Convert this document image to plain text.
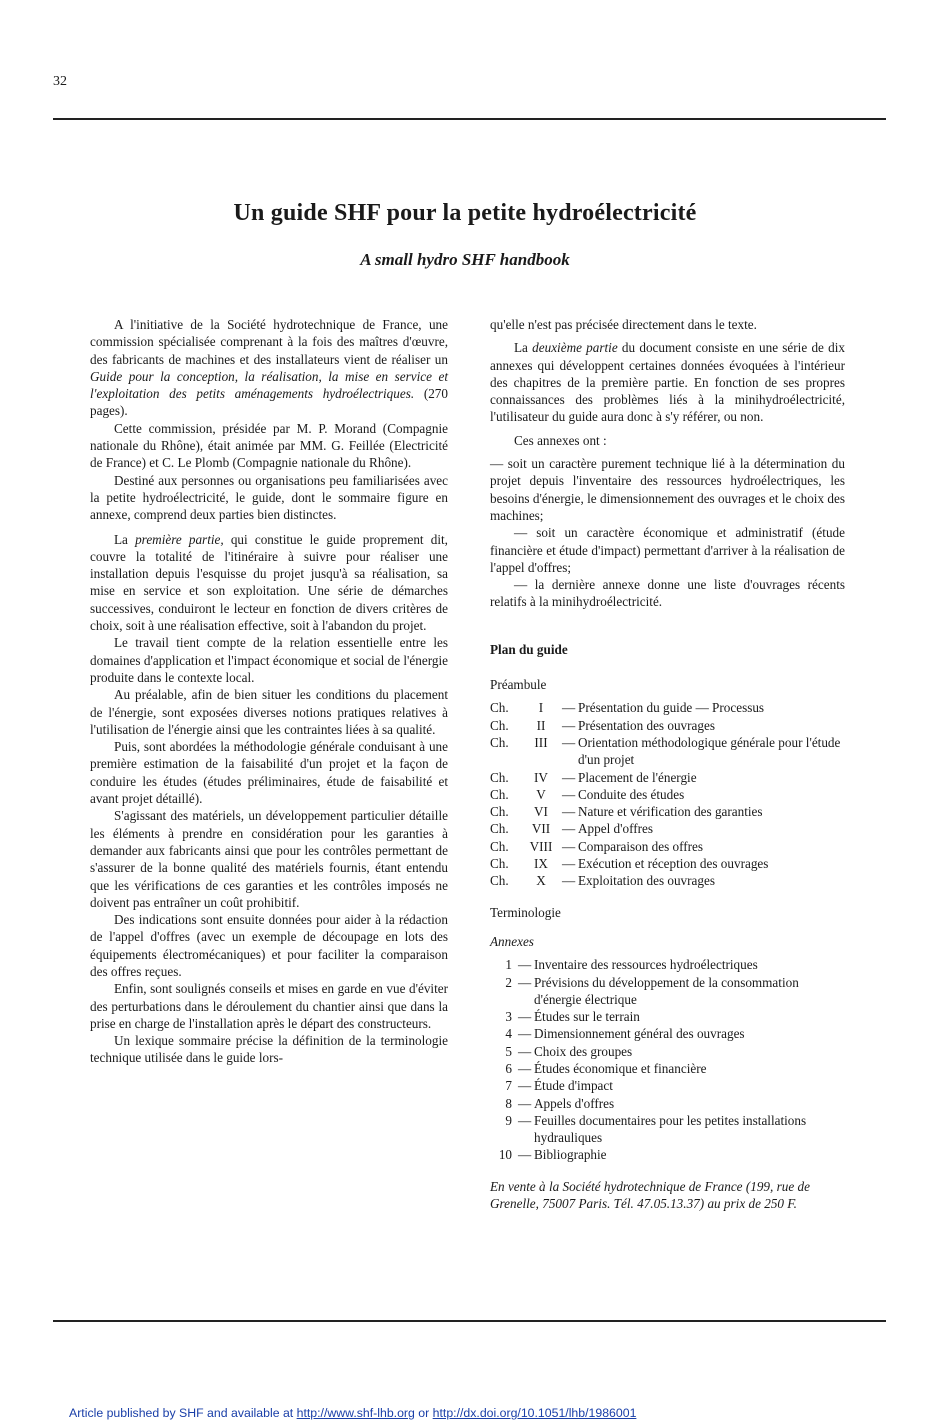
32
Un guide SHF pour la petite hydroélectricité
A small hydro SHF handbook

A l'initiative de la Société hydrotechnique de France, une commission spécialisée comprenant à la fois des maîtres d'œuvre, des fabricants de machines et des installateurs vient de réaliser un Guide pour la conception, la réalisation, la mise en service et l'exploitation des petits aménagements hydroélectriques. (270 pages).

Cette commission, présidée par M. P. Morand (Compagnie nationale du Rhône), était animée par MM. G. Feillée (Electricité de France) et C. Le Plomb (Compagnie nationale du Rhône).

Destiné aux personnes ou organisations peu familiarisées avec la petite hydroélectricité, le guide, dont le sommaire figure en annexe, comprend deux parties bien distinctes.

La première partie, qui constitue le guide proprement dit, couvre la totalité de l'itinéraire à suivre pour réaliser une installation depuis l'esquisse du projet jusqu'à sa réalisation, sa mise en service et son exploitation. Une série de démarches successives, conduiront le lecteur en fonction de divers critères de choix, soit à une réalisation effective, soit à l'abandon du projet.

Le travail tient compte de la relation essentielle entre les domaines d'application et l'impact économique et social de l'énergie produite dans le contexte local.

Au préalable, afin de bien situer les conditions du placement de l'énergie, sont exposées diverses notions pratiques relatives à l'utilisation de l'énergie ainsi que les contraintes liées à sa qualité.

Puis, sont abordées la méthodologie générale conduisant à une première estimation de la faisabilité d'un projet et la façon de conduire les études (études préliminaires, étude de faisabilité et avant projet détaillé).

S'agissant des matériels, un développement particulier détaille les éléments à prendre en considération pour les garanties à demander aux fabricants ainsi que pour les contrôles permettant de s'assurer de la bonne qualité des matériels fournis, étant entendu que les vérifications de ces garanties et les contrôles imposés ne doivent pas entraîner un coût prohibitif.

Des indications sont ensuite données pour aider à la rédaction de l'appel d'offres (avec un exemple de découpage en lots des équipements électromécaniques) et pour faciliter la comparaison des offres reçues.

Enfin, sont soulignés conseils et mises en garde en vue d'éviter des perturbations dans le déroulement du chantier ainsi que dans la prise en charge de l'installation après le départ des constructeurs.

Un lexique sommaire précise la définition de la terminologie technique utilisée dans le guide lors-

qu'elle n'est pas précisée directement dans le texte.

La deuxième partie du document consiste en une série de dix annexes qui développent certaines données évoquées à l'intérieur des chapitres de la première partie. En fonction de ses propres connaissances des problèmes liés à la minihydroélectricité, l'utilisateur du guide aura donc à s'y référer, ou non.

Ces annexes ont :

— soit un caractère purement technique lié à la détermination du projet depuis l'inventaire des ressources hydroélectriques, les besoins d'énergie, le dimensionnement des ouvrages et le choix des machines;

— soit un caractère économique et administratif (étude financière et étude d'impact) permettant d'arriver à la réalisation de l'appel d'offres;

— la dernière annexe donne une liste d'ouvrages récents relatifs à la minihydroélectricité.

Plan du guide
Préambule
Ch.	I	— Présentation du guide — Processus
Ch.	II	— Présentation des ouvrages
Ch.	III	— Orientation méthodologique générale pour l'étude d'un projet
Ch.	IV	— Placement de l'énergie
Ch.	V	— Conduite des études
Ch.	VI	— Nature et vérification des garanties
Ch.	VII — Appel d'offres
Ch.	VIII — Comparaison des offres
Ch.	IX	— Exécution et réception des ouvrages
Ch.	X	— Exploitation des ouvrages
Terminologie
Annexes
1 — Inventaire des ressources hydroélectriques
2 — Prévisions du développement de la consommation d'énergie électrique
3 — Études sur le terrain
4 — Dimensionnement général des ouvrages
5 — Choix des groupes
6 — Études économique et financière
7 — Étude d'impact
8 — Appels d'offres
9 — Feuilles documentaires pour les petites installations hydrauliques
10 — Bibliographie
En vente à la Société hydrotechnique de France (199, rue de Grenelle, 75007 Paris. Tél. 47.05.13.37) au prix de 250 F.
Article published by SHF and available at http://www.shf-lhb.org or http://dx.doi.org/10.1051/lhb/1986001
